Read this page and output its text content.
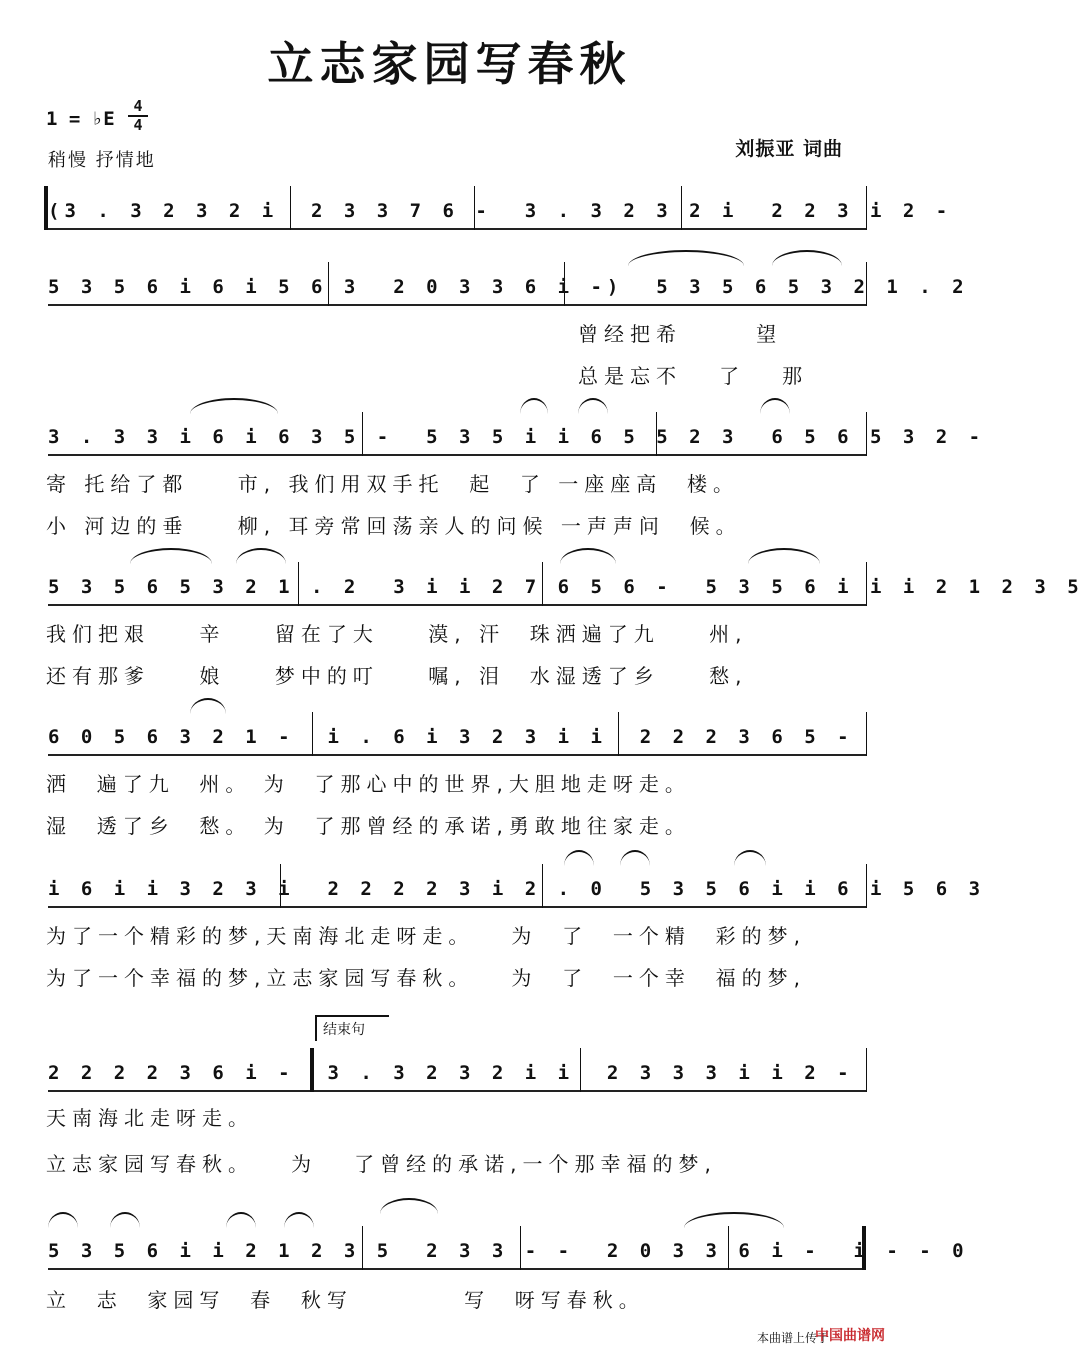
立志家园写春秋
1 = ♭E
4
4
稍慢 抒情地
刘振亚 词曲
(3 . 3 2 3 2 i  2 3 3 7 6 -  3 . 3 2 3 2 i  2 2 3 i 2 -
5 3 5 6 i 6 i 5 6 3  2 0 3 3 6 i -)  5 3 5 6 5 3 2 1 . 2
曾经把希      望
总是忘不   了   那
3 . 3 3 i 6 i 6 3 5 -  5 3 5 i i 6 5 5 2 3  6 5 6 5 3 2 -
寄 托给了都    市, 我们用双手托  起  了 一座座高  楼。
小 河边的垂    柳, 耳旁常回荡亲人的问候 一声声问  候。
5 3 5 6 5 3 2 1 . 2  3 i i 2 7 6 5 6 -  5 3 5 6 i i i 2 1 2 3 5
我们把艰    辛    留在了大    漠, 汗  珠洒遍了九    州,
还有那爹    娘    梦中的叮    嘱, 泪  水湿透了乡    愁,
6 0 5 6 3 2 1 -  i . 6 i 3 2 3 i i  2 2 2 3 6 5 -
洒  遍了九  州。 为  了那心中的世界,大胆地走呀走。
湿  透了乡  愁。 为  了那曾经的承诺,勇敢地往家走。
i 6 i i 3 2 3 i  2 2 2 2 3 i 2 . 0  5 3 5 6 i i 6 i 5 6 3
为了一个精彩的梦,天南海北走呀走。   为  了  一个精  彩的梦,
为了一个幸福的梦,立志家园写春秋。   为  了  一个幸  福的梦,
结束句
2 2 2 2 3 6 i -  3 . 3 2 3 2 i i  2 3 3 3 i i 2 -
天南海北走呀走。
立志家园写春秋。   为   了曾经的承诺,一个那幸福的梦,
5 3 5 6 i i 2 1 2 3 5  2 3 3 - -  2 0 3 3 6 i -  i - - 0
立  志  家园写  春  秋写         写  呀写春秋。
本曲谱上传于
中国曲谱网
